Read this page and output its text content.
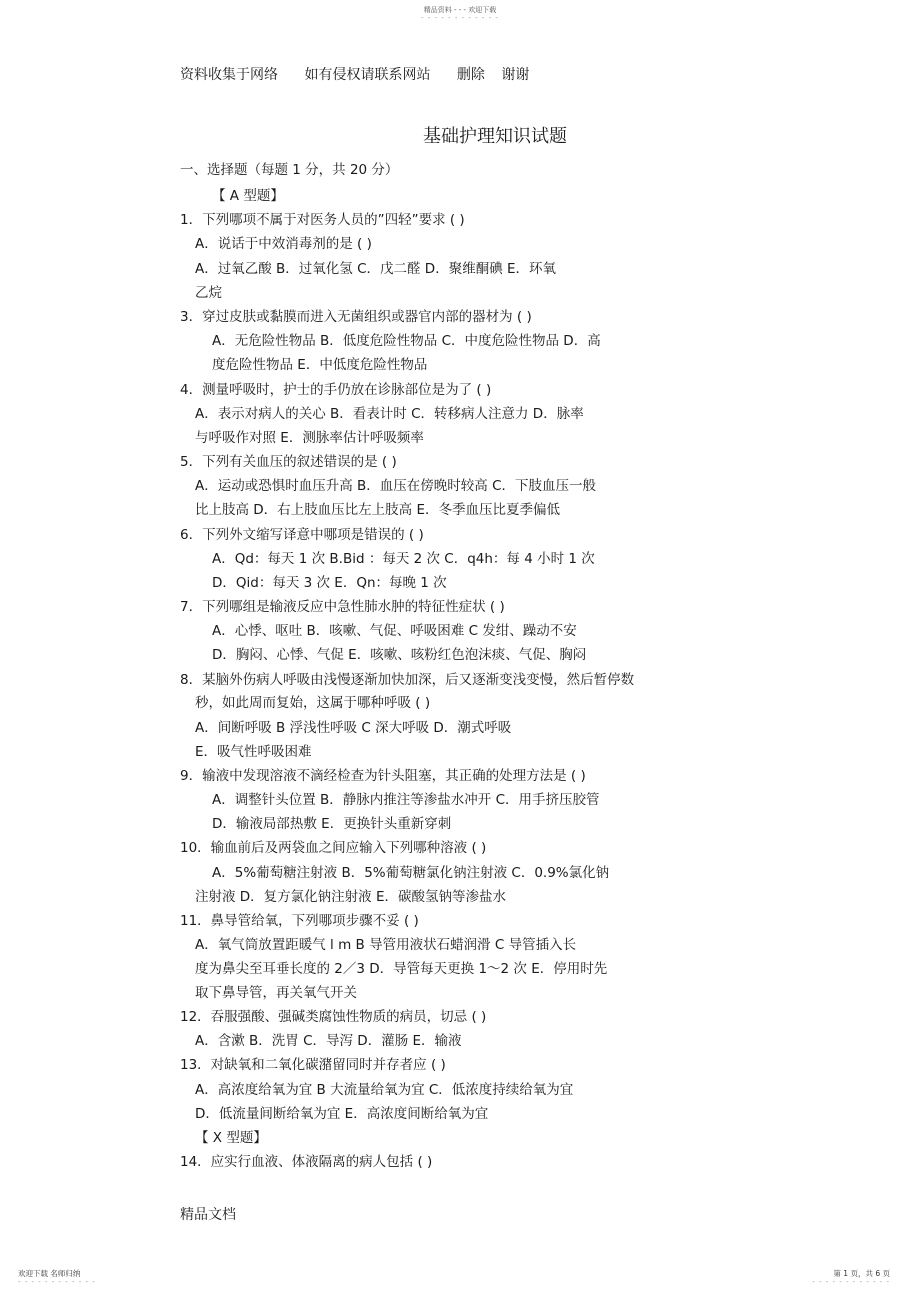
精品资料 - - - 欢迎下载
- - - - - - - - - - - -
资料收集于网络 如有侵权请联系网站 删除 谢谢
基础护理知识试题
一、选择题（每题 1 分，共 20 分）
【 A 型题】
1．下列哪项不属于对医务人员的”四轻”要求 ( )
A．说话于中效消毒剂的是 ( )
A．过氧乙酸 B．过氧化氢 C．戊二醛 D．聚维酮碘 E．环氧
乙烷
3．穿过皮肤或黏膜而进入无菌组织或器官内部的器材为 ( )
A．无危险性物品 B．低度危险性物品 C．中度危险性物品 D．高
度危险性物品 E．中低度危险性物品
4．测量呼吸时，护士的手仍放在诊脉部位是为了 ( )
A．表示对病人的关心 B．看表计时 C．转移病人注意力 D．脉率
与呼吸作对照 E．测脉率估计呼吸频率
5．下列有关血压的叙述错误的是 ( )
A．运动或恐惧时血压升高 B．血压在傍晚时较高 C．下肢血压一般
比上肢高 D．右上肢血压比左上肢高 E．冬季血压比夏季偏低
6．下列外文缩写译意中哪项是错误的 ( )
A．Qd：每天 1 次 B.Bid ：每天 2 次 C．q4h：每 4 小时 1 次
D．Qid：每天 3 次 E．Qn：每晚 1 次
7．下列哪组是输液反应中急性肺水肿的特征性症状 ( )
A．心悸、呕吐 B．咳嗽、气促、呼吸困难 C 发绀、躁动不安
D．胸闷、心悸、气促 E．咳嗽、咳粉红色泡沫痰、气促、胸闷
8．某脑外伤病人呼吸由浅慢逐渐加快加深，后又逐渐变浅变慢，然后暂停数
秒，如此周而复始，这属于哪种呼吸 ( )
A．间断呼吸 B 浮浅性呼吸 C 深大呼吸 D．潮式呼吸
E．吸气性呼吸困难
9．输液中发现溶液不滴经检查为针头阻塞，其正确的处理方法是 ( )
A．调整针头位置 B．静脉内推注等渗盐水冲开 C．用手挤压胶管
D．输液局部热敷 E．更换针头重新穿刺
10．输血前后及两袋血之间应输入下列哪种溶液 ( )
A．5%葡萄糖注射液 B．5%葡萄糖氯化钠注射液 C．0.9%氯化钠
注射液 D．复方氯化钠注射液 E．碳酸氢钠等渗盐水
11．鼻导管给氧，下列哪项步骤不妥 ( )
A．氧气筒放置距暖气 l m B 导管用液状石蜡润滑 C 导管插入长
度为鼻尖至耳垂长度的 2／3 D．导管每天更换 1～2 次 E．停用时先
取下鼻导管，再关氧气开关
12．吞服强酸、强碱类腐蚀性物质的病员，切忌 ( )
A．含漱 B．洗胃 C．导泻 D．灌肠 E．输液
13．对缺氧和二氧化碳潴留同时并存者应 ( )
A．高浓度给氧为宜 B 大流量给氧为宜 C．低浓度持续给氧为宜
D．低流量间断给氧为宜 E．高浓度间断给氧为宜
【 X 型题】
14．应实行血液、体液隔离的病人包括 ( )
精品文档
欢迎下载 名师归纳	第 1 页，共 6 页
- - - - - - - - - - - -	- - - - - - - - - - - -
